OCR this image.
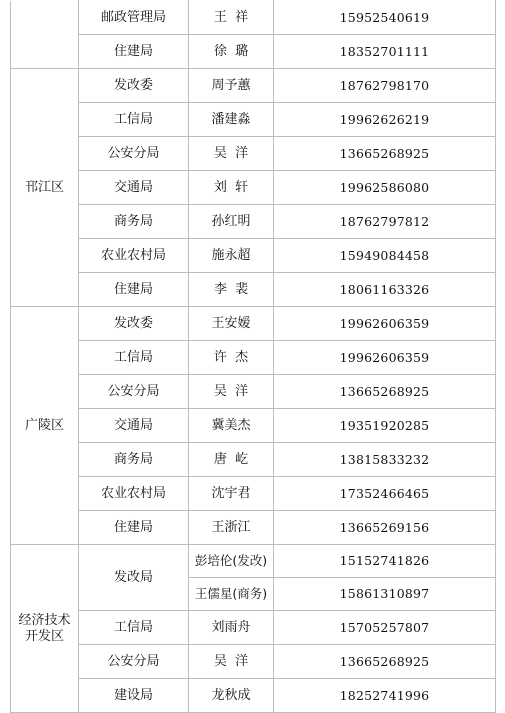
	邮政管理局	王  祥	15952540619
	住建局	徐  璐	18352701111
邗江区	发改委	周予蕙	18762798170
	工信局	潘建淼	19962626219
	公安分局	吴  洋	13665268925
	交通局	刘  轩	19962586080
	商务局	孙红明	18762797812
	农业农村局	施永超	15949084458
	住建局	李  裴	18061163326
广陵区	发改委	王安嫒	19962606359
	工信局	许  杰	19962606359
	公安分局	吴  洋	13665268925
	交通局	冀美杰	19351920285
	商务局	唐  屹	13815833232
	农业农村局	沈宇君	17352466465
	住建局	王浙江	13665269156
经济技术
开发区	发改局	彭培伦(发改)	15152741826
		王儒星(商务)	15861310897
	工信局	刘雨舟	15705257807
	公安分局	吴  洋	13665268925
	建设局	龙秋成	18252741996
